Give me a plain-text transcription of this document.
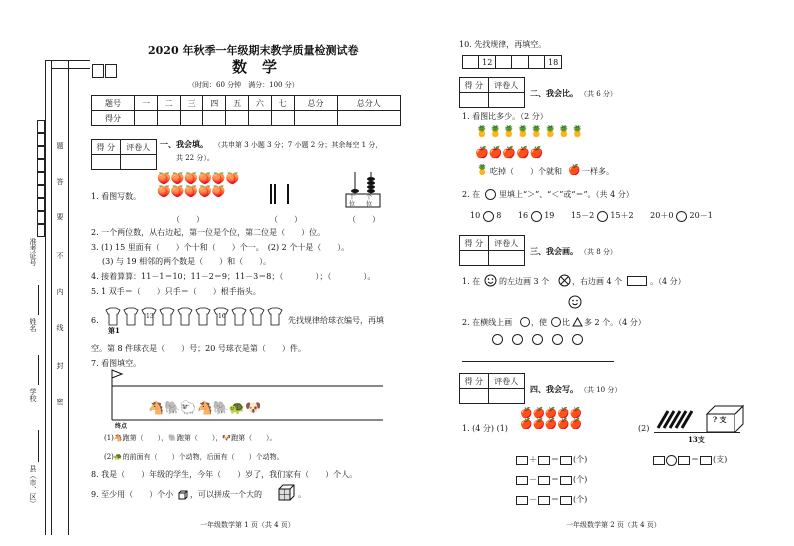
准考证号
姓名
学校
县（市、区）
题
答
要
不
内
线
封
密
2020 年秋季一年级期末教学质量检测试卷
数　学
（时间：60 分钟　满分：100 分）
题号	一	二	三	四	五	六	七	总分	总分人
得分									
得 分	评卷人
	一、我会填。 （共申第 3 小题 3 分；7 小题 2 分；其余每空 1 分，
共 22 分）。
1. 看图写数。
🍑🍑🍑🍑🍑🍑
🍑🍑🍑🍑🍑	十 个
位 位
（　　）	（　　）	（　　）
2. 一个两位数，从右边起，第一位是个位，第二位是（　　）位。
3. (1) 15 里面有（　　）个十和（　　）个一。　(2) 2 个十是（　　）。
(3) 与 19 相邻的两个数是（　　）和（　　）。
4. 接着算算：11－1＝10；11－2＝9；11－3＝8；（　　　　）；（　　　　）。
5. 1 双手＝（　　）只手＝（　　）根手指头。
6.	13	16
第1
先找规律给球衣编号，再填
空。第 8 件球衣是（　　）号；20 号球衣是第（　　）件。
7. 看图填空。
🐴🐘🐑🐴🐘🐢🐶
终点
(1)🐴跑第（　　），🐘跑第（　　），🐶跑第（　　）。
(2)🐢的前面有（　　）个动物，后面有（　　）个动物。
8. 我是（　　）年级的学生，今年（　　）岁了，我们家有（　　）个人。
9. 至少用（　　）个小 ，可以拼成一个大的	。
一年级数学第 1 页（共 4 页）
10. 先找规律，再填空。
	12				18
得 分	评卷人

二、我会比。 （共 6 分）
1. 看图比多少。（2 分）
🍍🍍🍍🍍🍍🍍🍍🍍
🍎🍎🍎🍎🍎
🍍 吃掉（　　）个就和 🍎 一样多。
2. 在 里填上“＞”、“＜”或“＝”。（共 4 分）
10 8 16 19 15－2 15＋2 20＋0 20－1
得 分	评卷人

三、我会画。 （共 8 分）
1. 在 的左边画 3 个	，右边画 4 个	。（4 分）
2. 在横线上画 ，使 比 多 2 个。（4 分）
得 分	评卷人

四、我会写。 （共 10 分）
1. (4 分) (1)
🍎🍎🍎🍎🍎
🍎🍎🍎🍎🍎	(2)
? 支
13支
＋ ＝ (个)
－ ＝ (个)
－ ＝ (个)
＝ (支)
一年级数学第 2 页（共 4 页）
